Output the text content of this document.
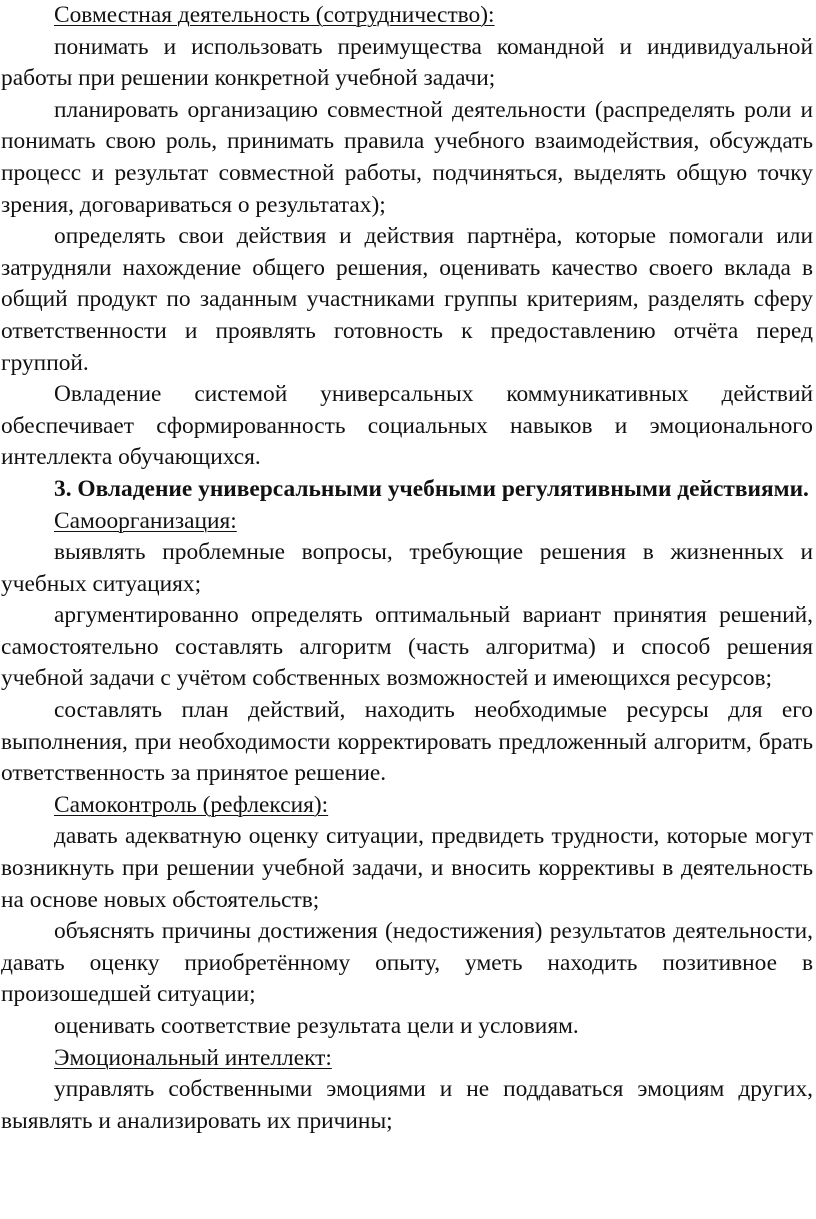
Совместная деятельность (сотрудничество):

понимать и использовать преимущества командной и индивидуальной работы при решении конкретной учебной задачи;

планировать организацию совместной деятельности (распределять роли и понимать свою роль, принимать правила учебного взаимодействия, обсуждать процесс и результат совместной работы, подчиняться, выделять общую точку зрения, договариваться о результатах);

определять свои действия и действия партнёра, которые помогали или затрудняли нахождение общего решения, оценивать качество своего вклада в общий продукт по заданным участниками группы критериям, разделять сферу ответственности и проявлять готовность к предоставлению отчёта перед группой.

Овладение системой универсальных коммуникативных действий обеспечивает сформированность социальных навыков и эмоционального интеллекта обучающихся.

3. Овладение универсальными учебными регулятивными действиями.

Самоорганизация:

выявлять проблемные вопросы, требующие решения в жизненных и учебных ситуациях;

аргументированно определять оптимальный вариант принятия решений, самостоятельно составлять алгоритм (часть алгоритма) и способ решения учебной задачи с учётом собственных возможностей и имеющихся ресурсов;

составлять план действий, находить необходимые ресурсы для его выполнения, при необходимости корректировать предложенный алгоритм, брать ответственность за принятое решение.

Самоконтроль (рефлексия):

давать адекватную оценку ситуации, предвидеть трудности, которые могут возникнуть при решении учебной задачи, и вносить коррективы в деятельность на основе новых обстоятельств;

объяснять причины достижения (недостижения) результатов деятельности, давать оценку приобретённому опыту, уметь находить позитивное в произошедшей ситуации;

оценивать соответствие результата цели и условиям.

Эмоциональный интеллект:

управлять собственными эмоциями и не поддаваться эмоциям других, выявлять и анализировать их причины;
